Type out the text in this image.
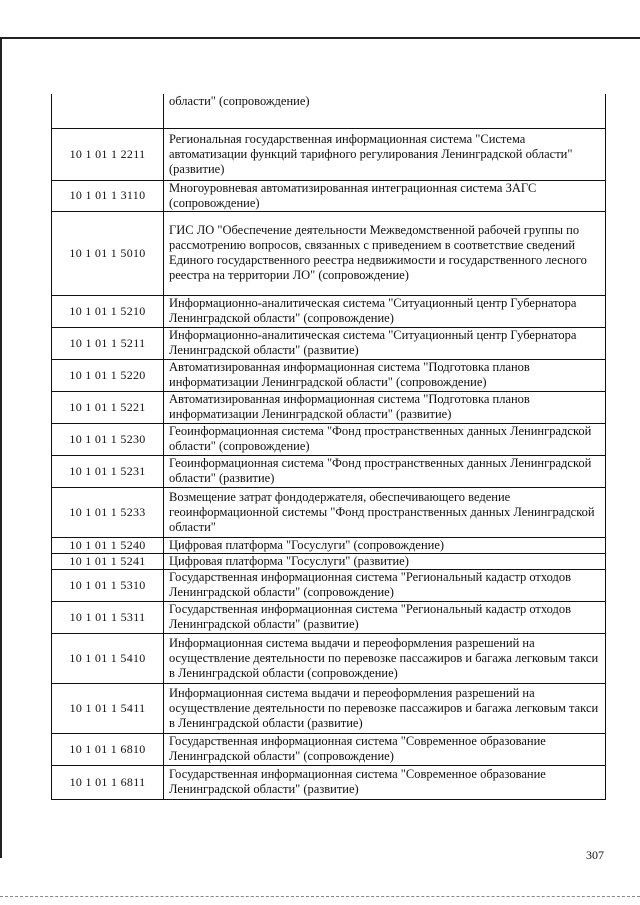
	области" (сопровождение)
10 1 01 1 2211	Региональная государственная информационная система "Система автоматизации функций тарифного регулирования Ленинградской области" (развитие)
10 1 01 1 3110	Многоуровневая автоматизированная интеграционная система ЗАГС (сопровождение)
10 1 01 1 5010	ГИС ЛО "Обеспечение деятельности Межведомственной рабочей группы по рассмотрению вопросов, связанных с приведением в соответствие сведений Единого государственного реестра недвижимости и государственного лесного реестра на территории ЛО" (сопровождение)
10 1 01 1 5210	Информационно-аналитическая система "Ситуационный центр Губернатора Ленинградской области" (сопровождение)
10 1 01 1 5211	Информационно-аналитическая система "Ситуационный центр Губернатора Ленинградской области" (развитие)
10 1 01 1 5220	Автоматизированная информационная система "Подготовка планов информатизации Ленинградской области" (сопровождение)
10 1 01 1 5221	Автоматизированная информационная система "Подготовка планов информатизации Ленинградской области" (развитие)
10 1 01 1 5230	Геоинформационная система "Фонд пространственных данных Ленинградской области" (сопровождение)
10 1 01 1 5231	Геоинформационная система "Фонд пространственных данных Ленинградской области" (развитие)
10 1 01 1 5233	Возмещение затрат фондодержателя, обеспечивающего ведение геоинформационной системы "Фонд пространственных данных Ленинградской области"
10 1 01 1 5240	Цифровая платформа "Госуслуги" (сопровождение)
10 1 01 1 5241	Цифровая платформа "Госуслуги" (развитие)
10 1 01 1 5310	Государственная информационная система "Региональный кадастр отходов Ленинградской области" (сопровождение)
10 1 01 1 5311	Государственная информационная система "Региональный кадастр отходов Ленинградской области" (развитие)
10 1 01 1 5410	Информационная система выдачи и переоформления разрешений на осуществление деятельности по перевозке пассажиров и багажа легковым такси в Ленинградской области (сопровождение)
10 1 01 1 5411	Информационная система выдачи и переоформления разрешений на осуществление деятельности по перевозке пассажиров и багажа легковым такси в Ленинградской области (развитие)
10 1 01 1 6810	Государственная информационная система "Современное образование Ленинградской области" (сопровождение)
10 1 01 1 6811	Государственная информационная система "Современное образование Ленинградской области" (развитие)
307
